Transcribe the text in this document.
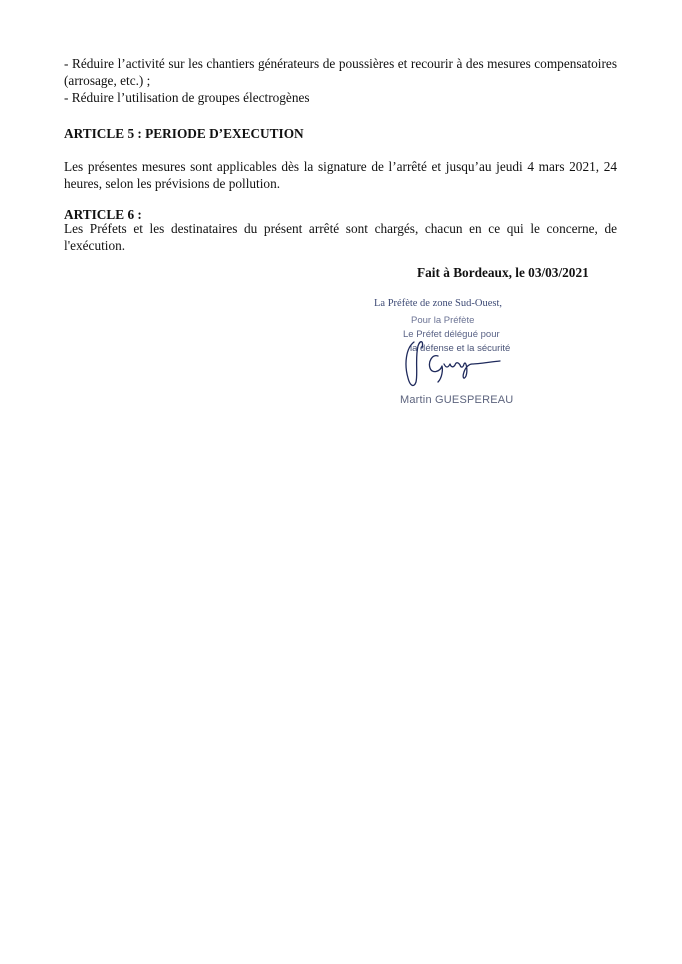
- Réduire l’activité sur les chantiers générateurs de poussières et recourir à des mesures compensatoires (arrosage, etc.) ;

- Réduire l’utilisation de groupes électrogènes

ARTICLE 5 : PERIODE D’EXECUTION
Les présentes mesures sont applicables dès la signature de l’arrêté et jusqu’au jeudi 4 mars 2021, 24 heures, selon les prévisions de pollution.
ARTICLE 6 :
Les Préfets et les destinataires du présent arrêté sont chargés, chacun en ce qui le concerne, de l'exécution.
Fait à Bordeaux, le 03/03/2021
La Préfète de zone Sud-Ouest,
Pour la Préfète
Le Préfet délégué pour
la défense et la sécurité
Martin GUESPEREAU
